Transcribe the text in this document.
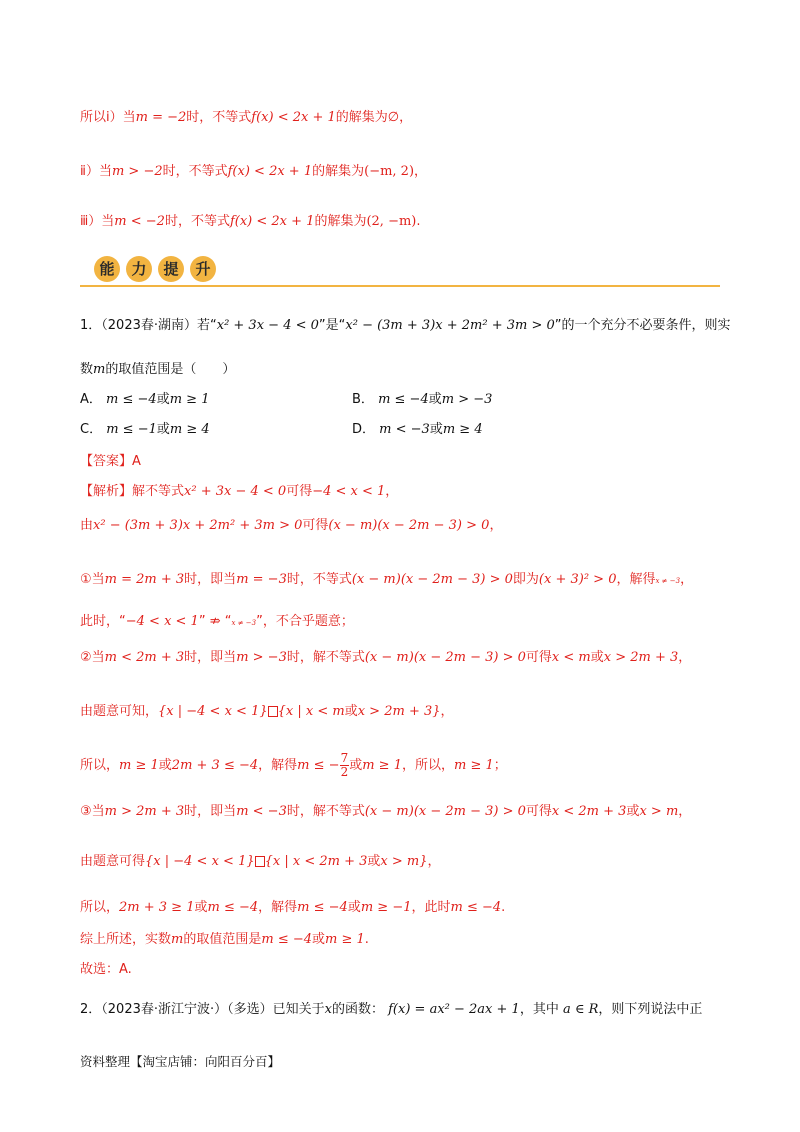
所以ⅰ）当m = −2时，不等式f(x) < 2x + 1的解集为∅，
ⅱ）当m > −2时，不等式f(x) < 2x + 1的解集为(−m, 2)，
ⅲ）当m < −2时，不等式f(x) < 2x + 1的解集为(2, −m).
能	力	提	升
1．（2023春·湖南）若“x² + 3x − 4 < 0”是“x² − (3m + 3)x + 2m² + 3m > 0”的一个充分不必要条件，则实
数m的取值范围是（　　）
A． m ≤ −4或m ≥ 1	B． m ≤ −4或m > −3
C． m ≤ −1或m ≥ 4	D． m < −3或m ≥ 4
【答案】A
【解析】解不等式x² + 3x − 4 < 0可得−4 < x < 1，
由x² − (3m + 3)x + 2m² + 3m > 0可得(x − m)(x − 2m − 3) > 0，
①当m = 2m + 3时，即当m = −3时，不等式(x − m)(x − 2m − 3) > 0即为(x + 3)² > 0，解得x ≠ −3，
此时，“−4 < x < 1” ⇏ “x ≠ −3”，不合乎题意；
②当m < 2m + 3时，即当m > −3时，解不等式(x − m)(x − 2m − 3) > 0可得x < m或x > 2m + 3，
由题意可知，{x | −4 < x < 1} {x | x < m或x > 2m + 3}，
所以，m ≥ 1或2m + 3 ≤ −4，解得m ≤ − $\frac{7}{2}$ 或m ≥ 1，所以，m ≥ 1；
③当m > 2m + 3时，即当m < −3时，解不等式(x − m)(x − 2m − 3) > 0可得x < 2m + 3或x > m，
由题意可得{x | −4 < x < 1} {x | x < 2m + 3或x > m}，
所以，2m + 3 ≥ 1或m ≤ −4，解得m ≤ −4或m ≥ −1，此时m ≤ −4.
综上所述，实数m的取值范围是m ≤ −4或m ≥ 1.
故选：A.
2．（2023春·浙江宁波·）（多选）已知关于x的函数： f(x) = ax² − 2ax + 1，其中 a ∈ R，则下列说法中正
资料整理【淘宝店铺：向阳百分百】
